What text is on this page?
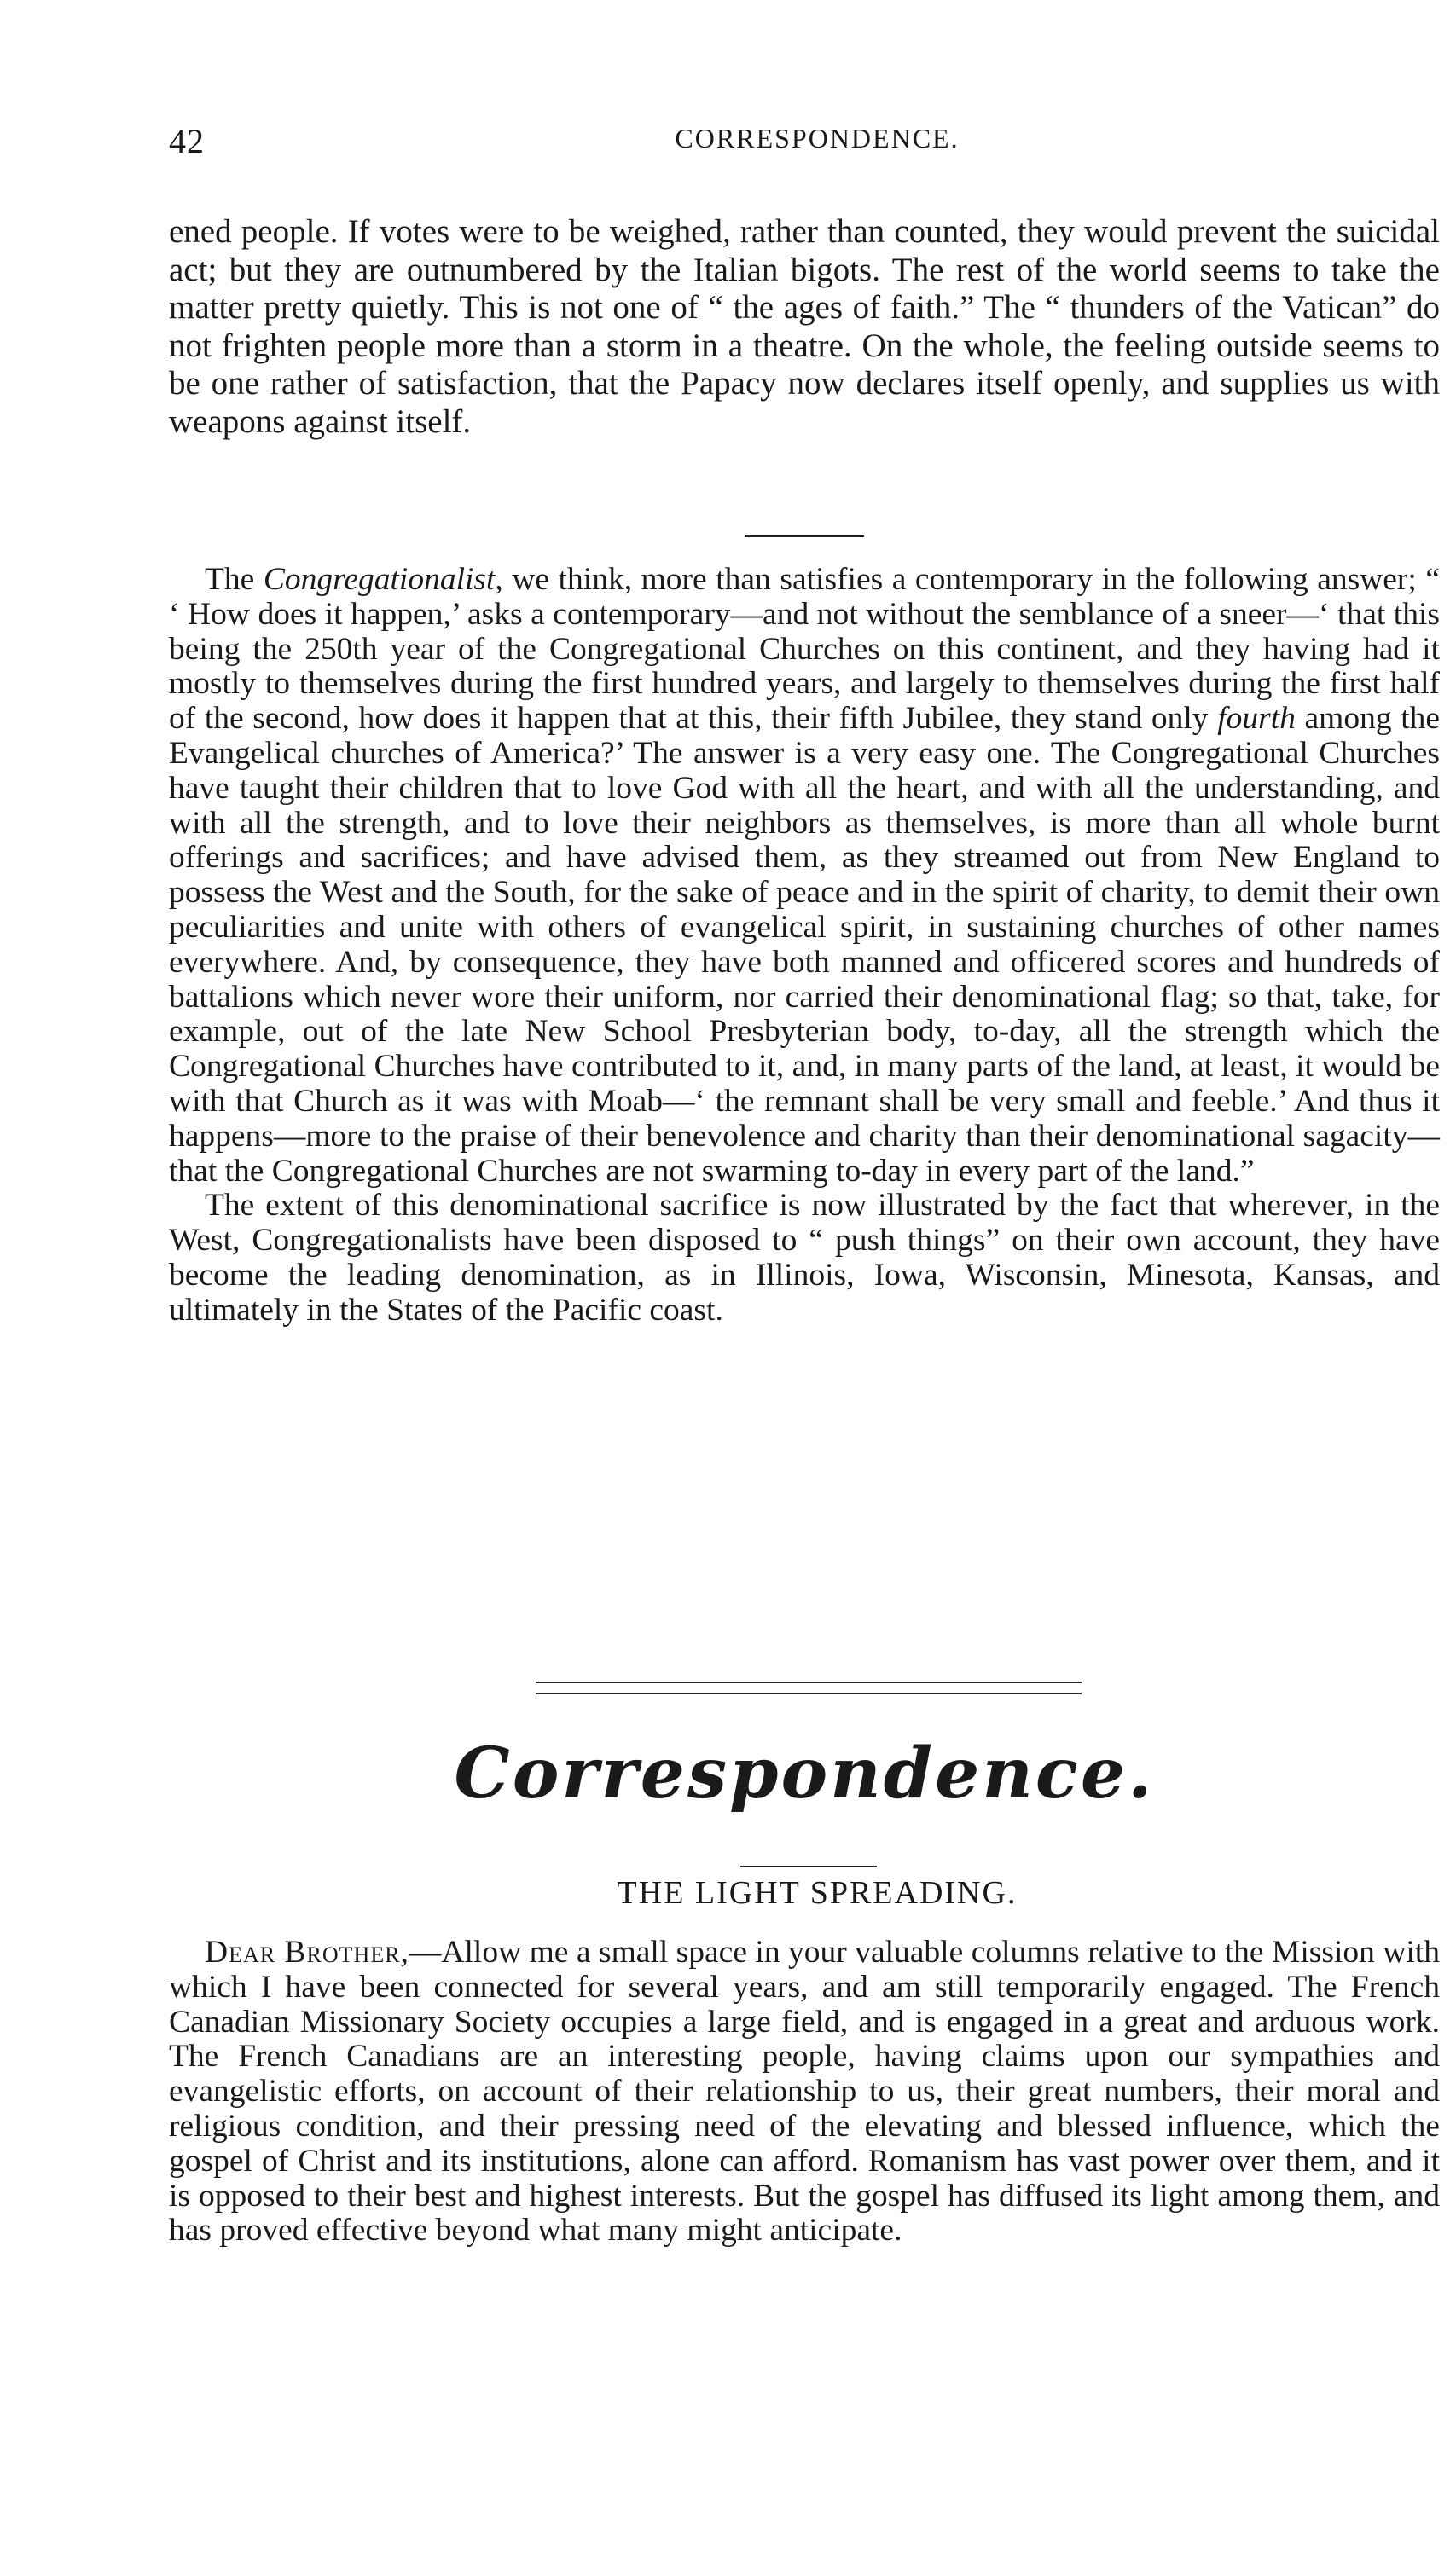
42	CORRESPONDENCE.

ened people. If votes were to be weighed, rather than counted, they would prevent the suicidal act; but they are outnumbered by the Italian bigots. The rest of the world seems to take the matter pretty quietly. This is not one of “ the ages of faith.” The “ thunders of the Vatican” do not frighten people more than a storm in a theatre. On the whole, the feeling outside seems to be one rather of satisfaction, that the Papacy now declares itself openly, and supplies us with weapons against itself.

The Congregationalist, we think, more than satisfies a contemporary in the following answer; “ ‘ How does it happen,’ asks a contemporary—and not without the semblance of a sneer—‘ that this being the 250th year of the Congregational Churches on this continent, and they having had it mostly to themselves during the first hundred years, and largely to themselves during the first half of the second, how does it happen that at this, their fifth Jubilee, they stand only fourth among the Evangelical churches of America?’ The answer is a very easy one. The Congregational Churches have taught their children that to love God with all the heart, and with all the understanding, and with all the strength, and to love their neighbors as themselves, is more than all whole burnt offerings and sacrifices; and have advised them, as they streamed out from New England to possess the West and the South, for the sake of peace and in the spirit of charity, to demit their own peculiarities and unite with others of evangelical spirit, in sustaining churches of other names everywhere. And, by consequence, they have both manned and officered scores and hundreds of battalions which never wore their uniform, nor carried their denominational flag; so that, take, for example, out of the late New School Presbyterian body, to-day, all the strength which the Congregational Churches have contributed to it, and, in many parts of the land, at least, it would be with that Church as it was with Moab—‘ the remnant shall be very small and feeble.’ And thus it happens—more to the praise of their benevolence and charity than their denominational sagacity—that the Congregational Churches are not swarming to-day in every part of the land.”

The extent of this denominational sacrifice is now illustrated by the fact that wherever, in the West, Congregationalists have been disposed to “ push things” on their own account, they have become the leading denomination, as in Illinois, Iowa, Wisconsin, Minesota, Kansas, and ultimately in the States of the Pacific coast.

Correspondence.
THE LIGHT SPREADING.

Dear Brother,—Allow me a small space in your valuable columns relative to the Mission with which I have been connected for several years, and am still temporarily engaged. The French Canadian Missionary Society occupies a large field, and is engaged in a great and arduous work. The French Canadians are an interesting people, having claims upon our sympathies and evangelistic efforts, on account of their relationship to us, their great numbers, their moral and religious condition, and their pressing need of the elevating and blessed influence, which the gospel of Christ and its institutions, alone can afford. Romanism has vast power over them, and it is opposed to their best and highest interests. But the gospel has diffused its light among them, and has proved effective beyond what many might anticipate.
